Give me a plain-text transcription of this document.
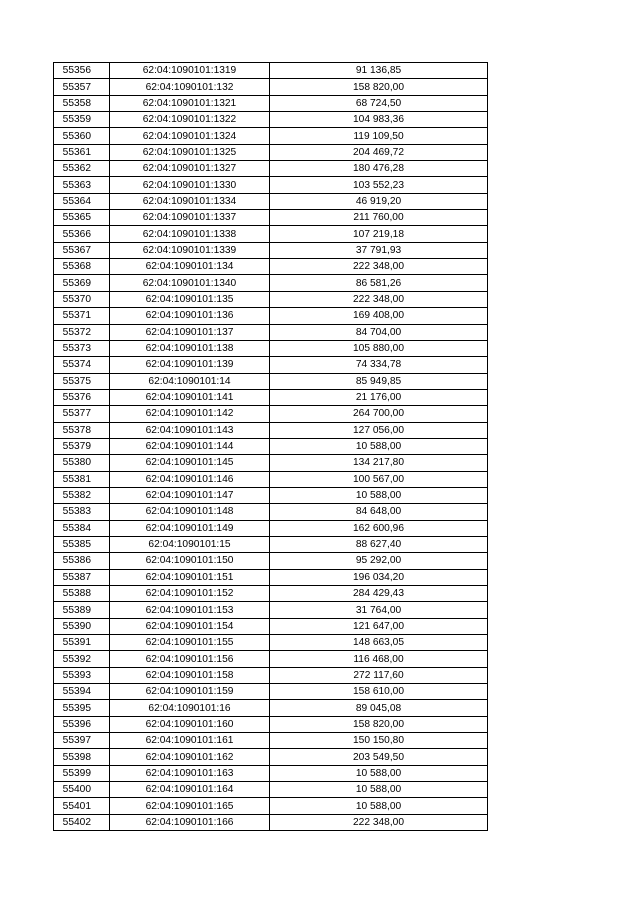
55356	62:04:1090101:1319	91 136,85
55357	62:04:1090101:132	158 820,00
55358	62:04:1090101:1321	68 724,50
55359	62:04:1090101:1322	104 983,36
55360	62:04:1090101:1324	119 109,50
55361	62:04:1090101:1325	204 469,72
55362	62:04:1090101:1327	180 476,28
55363	62:04:1090101:1330	103 552,23
55364	62:04:1090101:1334	46 919,20
55365	62:04:1090101:1337	211 760,00
55366	62:04:1090101:1338	107 219,18
55367	62:04:1090101:1339	37 791,93
55368	62:04:1090101:134	222 348,00
55369	62:04:1090101:1340	86 581,26
55370	62:04:1090101:135	222 348,00
55371	62:04:1090101:136	169 408,00
55372	62:04:1090101:137	84 704,00
55373	62:04:1090101:138	105 880,00
55374	62:04:1090101:139	74 334,78
55375	62:04:1090101:14	85 949,85
55376	62:04:1090101:141	21 176,00
55377	62:04:1090101:142	264 700,00
55378	62:04:1090101:143	127 056,00
55379	62:04:1090101:144	10 588,00
55380	62:04:1090101:145	134 217,80
55381	62:04:1090101:146	100 567,00
55382	62:04:1090101:147	10 588,00
55383	62:04:1090101:148	84 648,00
55384	62:04:1090101:149	162 600,96
55385	62:04:1090101:15	88 627,40
55386	62:04:1090101:150	95 292,00
55387	62:04:1090101:151	196 034,20
55388	62:04:1090101:152	284 429,43
55389	62:04:1090101:153	31 764,00
55390	62:04:1090101:154	121 647,00
55391	62:04:1090101:155	148 663,05
55392	62:04:1090101:156	116 468,00
55393	62:04:1090101:158	272 117,60
55394	62:04:1090101:159	158 610,00
55395	62:04:1090101:16	89 045,08
55396	62:04:1090101:160	158 820,00
55397	62:04:1090101:161	150 150,80
55398	62:04:1090101:162	203 549,50
55399	62:04:1090101:163	10 588,00
55400	62:04:1090101:164	10 588,00
55401	62:04:1090101:165	10 588,00
55402	62:04:1090101:166	222 348,00
